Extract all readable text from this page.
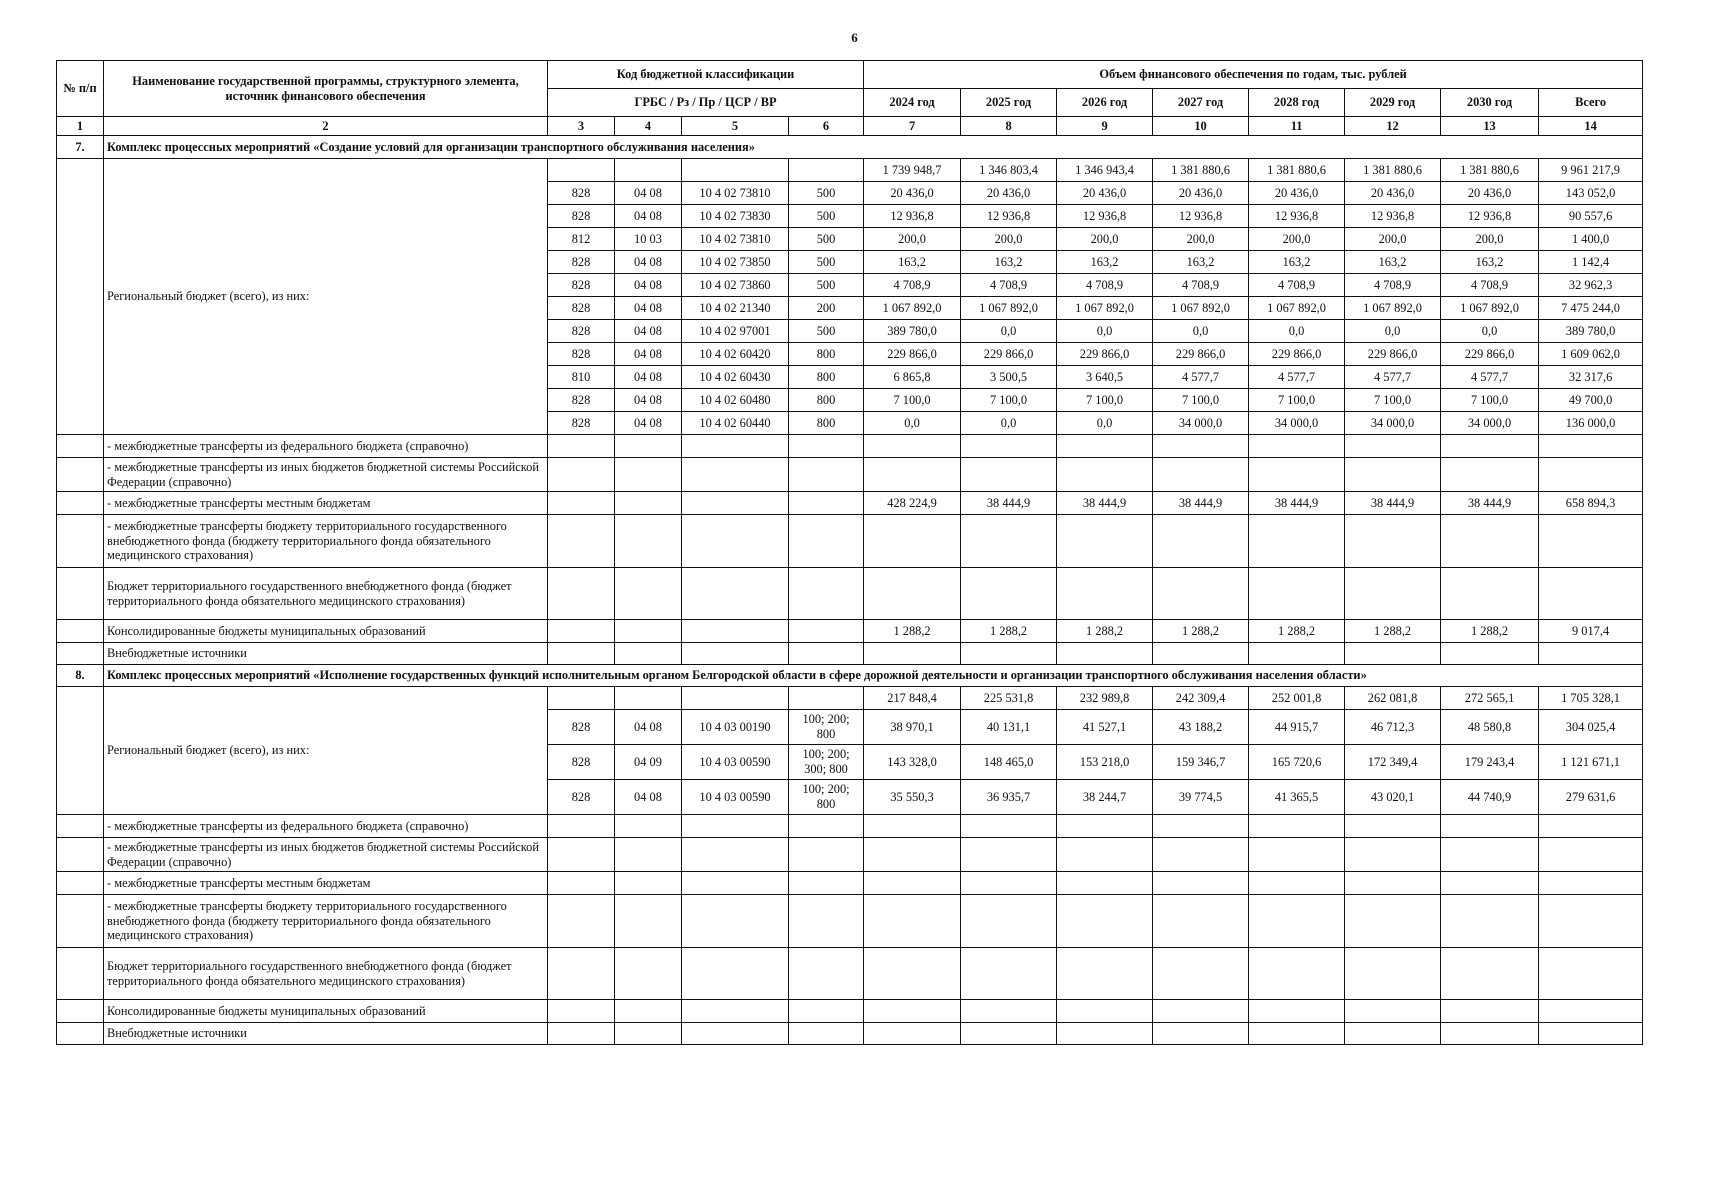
6
№ п/п	Наименование государственной программы, структурного элемента, источник финансового обеспечения	Код бюджетной классификации				Объем финансового обеспечения по годам, тыс. рублей							
		ГРБС / Рз / Пр / ЦСР / ВР				2024 год	2025 год	2026 год	2027 год	2028 год	2029 год	2030 год	Всего
1	2	3	4	5	6	7	8	9	10	11	12	13	14
7.	Комплекс процессных мероприятий «Создание условий для организации транспортного обслуживания населения»												
	Региональный бюджет (всего), из них:					1 739 948,7	1 346 803,4	1 346 943,4	1 381 880,6	1 381 880,6	1 381 880,6	1 381 880,6	9 961 217,9
		828	04 08	10 4 02 73810	500	20 436,0	20 436,0	20 436,0	20 436,0	20 436,0	20 436,0	20 436,0	143 052,0
		828	04 08	10 4 02 73830	500	12 936,8	12 936,8	12 936,8	12 936,8	12 936,8	12 936,8	12 936,8	90 557,6
		812	10 03	10 4 02 73810	500	200,0	200,0	200,0	200,0	200,0	200,0	200,0	1 400,0
		828	04 08	10 4 02 73850	500	163,2	163,2	163,2	163,2	163,2	163,2	163,2	1 142,4
		828	04 08	10 4 02 73860	500	4 708,9	4 708,9	4 708,9	4 708,9	4 708,9	4 708,9	4 708,9	32 962,3
		828	04 08	10 4 02 21340	200	1 067 892,0	1 067 892,0	1 067 892,0	1 067 892,0	1 067 892,0	1 067 892,0	1 067 892,0	7 475 244,0
		828	04 08	10 4 02 97001	500	389 780,0	0,0	0,0	0,0	0,0	0,0	0,0	389 780,0
		828	04 08	10 4 02 60420	800	229 866,0	229 866,0	229 866,0	229 866,0	229 866,0	229 866,0	229 866,0	1 609 062,0
		810	04 08	10 4 02 60430	800	6 865,8	3 500,5	3 640,5	4 577,7	4 577,7	4 577,7	4 577,7	32 317,6
		828	04 08	10 4 02 60480	800	7 100,0	7 100,0	7 100,0	7 100,0	7 100,0	7 100,0	7 100,0	49 700,0
		828	04 08	10 4 02 60440	800	0,0	0,0	0,0	34 000,0	34 000,0	34 000,0	34 000,0	136 000,0
	- межбюджетные трансферты из федерального бюджета (справочно)												
	- межбюджетные трансферты из иных бюджетов бюджетной системы Российской Федерации (справочно)												
	- межбюджетные трансферты местным бюджетам					428 224,9	38 444,9	38 444,9	38 444,9	38 444,9	38 444,9	38 444,9	658 894,3
	- межбюджетные трансферты бюджету территориального государственного внебюджетного фонда (бюджету территориального фонда обязательного медицинского страхования)												
	Бюджет территориального государственного внебюджетного фонда (бюджет территориального фонда обязательного медицинского страхования)												
	Консолидированные бюджеты муниципальных образований					1 288,2	1 288,2	1 288,2	1 288,2	1 288,2	1 288,2	1 288,2	9 017,4
	Внебюджетные источники												
8.	Комплекс процессных мероприятий «Исполнение государственных функций исполнительным органом Белгородской области в сфере дорожной деятельности и организации транспортного обслуживания населения области»												
	Региональный бюджет (всего), из них:					217 848,4	225 531,8	232 989,8	242 309,4	252 001,8	262 081,8	272 565,1	1 705 328,1
		828	04 08	10 4 03 00190	100; 200; 800	38 970,1	40 131,1	41 527,1	43 188,2	44 915,7	46 712,3	48 580,8	304 025,4
		828	04 09	10 4 03 00590	100; 200; 300; 800	143 328,0	148 465,0	153 218,0	159 346,7	165 720,6	172 349,4	179 243,4	1 121 671,1
		828	04 08	10 4 03 00590	100; 200; 800	35 550,3	36 935,7	38 244,7	39 774,5	41 365,5	43 020,1	44 740,9	279 631,6
	- межбюджетные трансферты из федерального бюджета (справочно)												
	- межбюджетные трансферты из иных бюджетов бюджетной системы Российской Федерации (справочно)												
	- межбюджетные трансферты местным бюджетам												
	- межбюджетные трансферты бюджету территориального государственного внебюджетного фонда (бюджету территориального фонда обязательного медицинского страхования)												
	Бюджет территориального государственного внебюджетного фонда (бюджет территориального фонда обязательного медицинского страхования)												
	Консолидированные бюджеты муниципальных образований												
	Внебюджетные источники												
